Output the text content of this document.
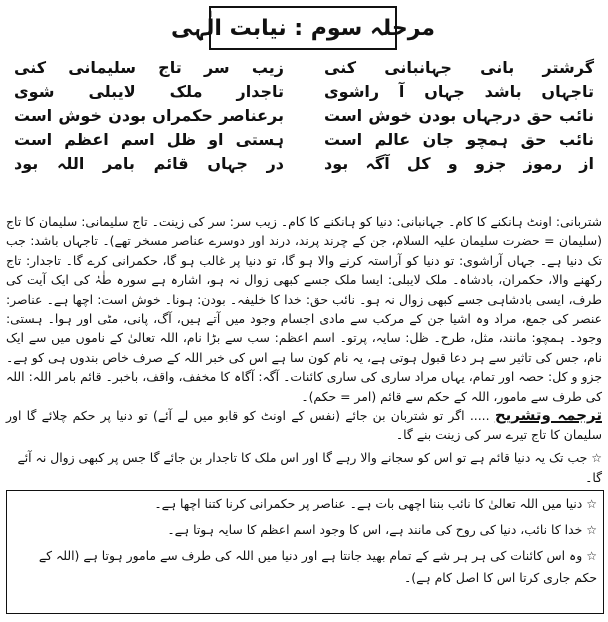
مرحلہ سوم : نیابت الٰہی
گرشتر بانی جہانبانی کنی
زیب سر تاج سلیمانی کنی
تاجہاں باشد جہاں آ راشوی
تاجدار ملک لایبلی شوی
نائب حق درجہاں بودن خوش است
برعناصر حکمراں بودن خوش است
نائب حق ہمچو جان عالم است
ہستی او ظل اسم اعظم است
از رموز جزو و کل آگہ بود
در جہاں قائم بامر اللہ بود

شتربانی: اونٹ ہانکنے کا کام۔ جہانبانی: دنیا کو ہانکنے کا کام۔ زیب سر: سر کی زینت۔ تاج سلیمانی: سلیمان کا تاج (سلیمان = حضرت سلیمان علیہ السلام، جن کے چرند پرند، درند اور دوسرے عناصر مسخر تھے)۔ تاجہاں باشد: جب تک دنیا ہے۔ جہاں آراشوی: تو دنیا کو آراستہ کرنے والا ہو گا، تو دنیا پر غالب ہو گا، حکمرانی کرے گا۔ تاجدار: تاج رکھنے والا، حکمران، بادشاہ۔ ملک لایبلی: ایسا ملک جسے کبھی زوال نہ ہو، اشارہ ہے سورہ طٰہٰ کی ایک آیت کی طرف، ایسی بادشاہی جسے کبھی زوال نہ ہو۔ نائب حق: خدا کا خلیفہ۔ بودن: ہونا۔ خوش است: اچھا ہے۔ عناصر: عنصر کی جمع، مراد وہ اشیا جن کے مرکب سے مادی اجسام وجود میں آتے ہیں، آگ، پانی، مٹی اور ہوا۔ ہستی: وجود۔ ہمچو: مانند، مثل، طرح۔ ظل: سایہ، پرتو۔ اسم اعظم: سب سے بڑا نام، اللہ تعالیٰ کے ناموں میں سے ایک نام، جس کی تاثیر سے ہر دعا قبول ہوتی ہے، یہ نام کون سا ہے اس کی خبر اللہ کے صرف خاص بندوں ہی کو ہے۔ جزو و کل: حصہ اور تمام، یہاں مراد ساری کی ساری کائنات۔ آگہ: آگاہ کا مخفف، واقف، باخبر۔ قائم بامر اللہ: اللہ کی طرف سے مامور، اللہ کے حکم سے قائم (امر = حکم)۔

ترجمہ وتشریح ..... اگر تو شتربان بن جائے (نفس کے اونٹ کو قابو میں لے آئے) تو دنیا پر حکم چلائے گا اور سلیمان کا تاج تیرے سر کی زینت بنے گا۔

☆ جب تک یہ دنیا قائم ہے تو اس کو سجانے والا رہے گا اور اس ملک کا تاجدار بن جائے گا جس پر کبھی زوال نہ آئے گا۔

☆ دنیا میں اللہ تعالیٰ کا نائب بننا اچھی بات ہے۔ عناصر پر حکمرانی کرنا کتنا اچھا ہے۔

☆ خدا کا نائب، دنیا کی روح کی مانند ہے، اس کا وجود اسم اعظم کا سایہ ہوتا ہے۔

☆ وہ اس کائنات کی ہر ہر شے کے تمام بھید جانتا ہے اور دنیا میں اللہ کی طرف سے مامور ہوتا ہے (اللہ کے حکم جاری کرتا اس کا اصل کام ہے)۔
